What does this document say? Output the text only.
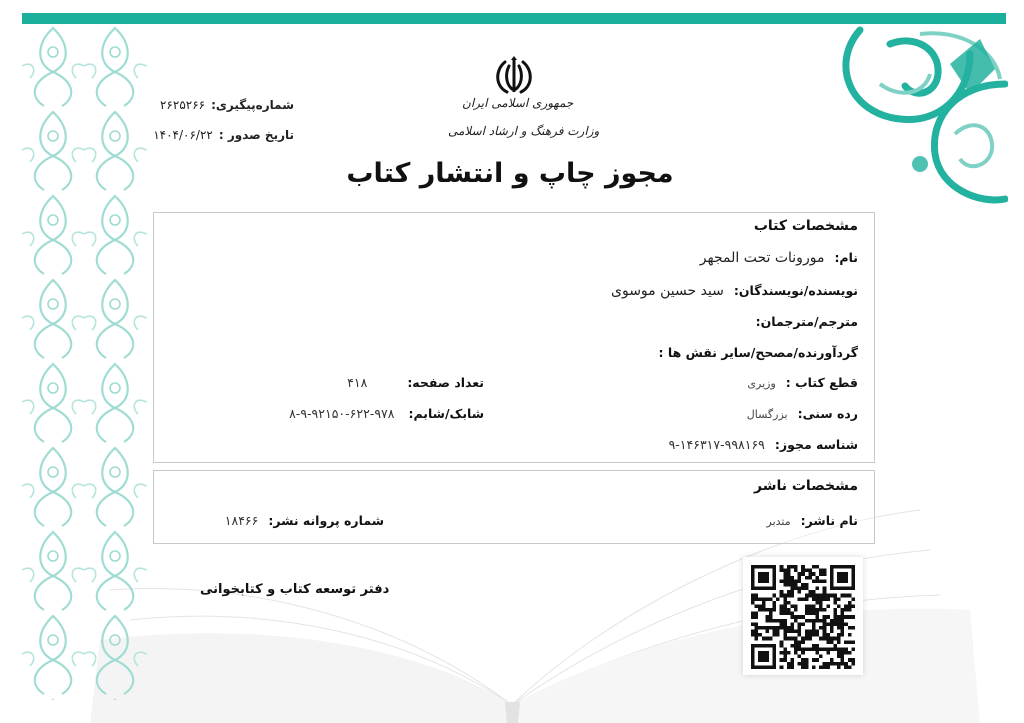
جمهوری اسلامی ایران
وزارت فرهنگ و ارشاد اسلامی
شماره‌پیگیری:۲۶۲۵۲۶۶
تاریخ صدور :۱۴۰۴/۰۶/۲۲
مجوز چاپ و انتشار کتاب
مشخصات کتاب
نام:مورونات تحت المجهر
نویسنده/نویسندگان:سید حسین موسوی
مترجم/مترجمان:
گردآورنده/مصحح/سایر نقش ها :
قطع کتاب :وزیری
تعداد صفحه:۴۱۸
رده سنی:بزرگسال
شابک/شابم:۹۷۸-۶۲۲-۹۲۱۵۰-۹-۸
شناسه مجوز:۹۹۸۱۶۹-۱۴۶۳۱۷-۹
مشخصات ناشر
نام ناشر:متدبر
شماره پروانه نشر:۱۸۴۶۶
دفتر توسعه کتاب و کتابخوانی
